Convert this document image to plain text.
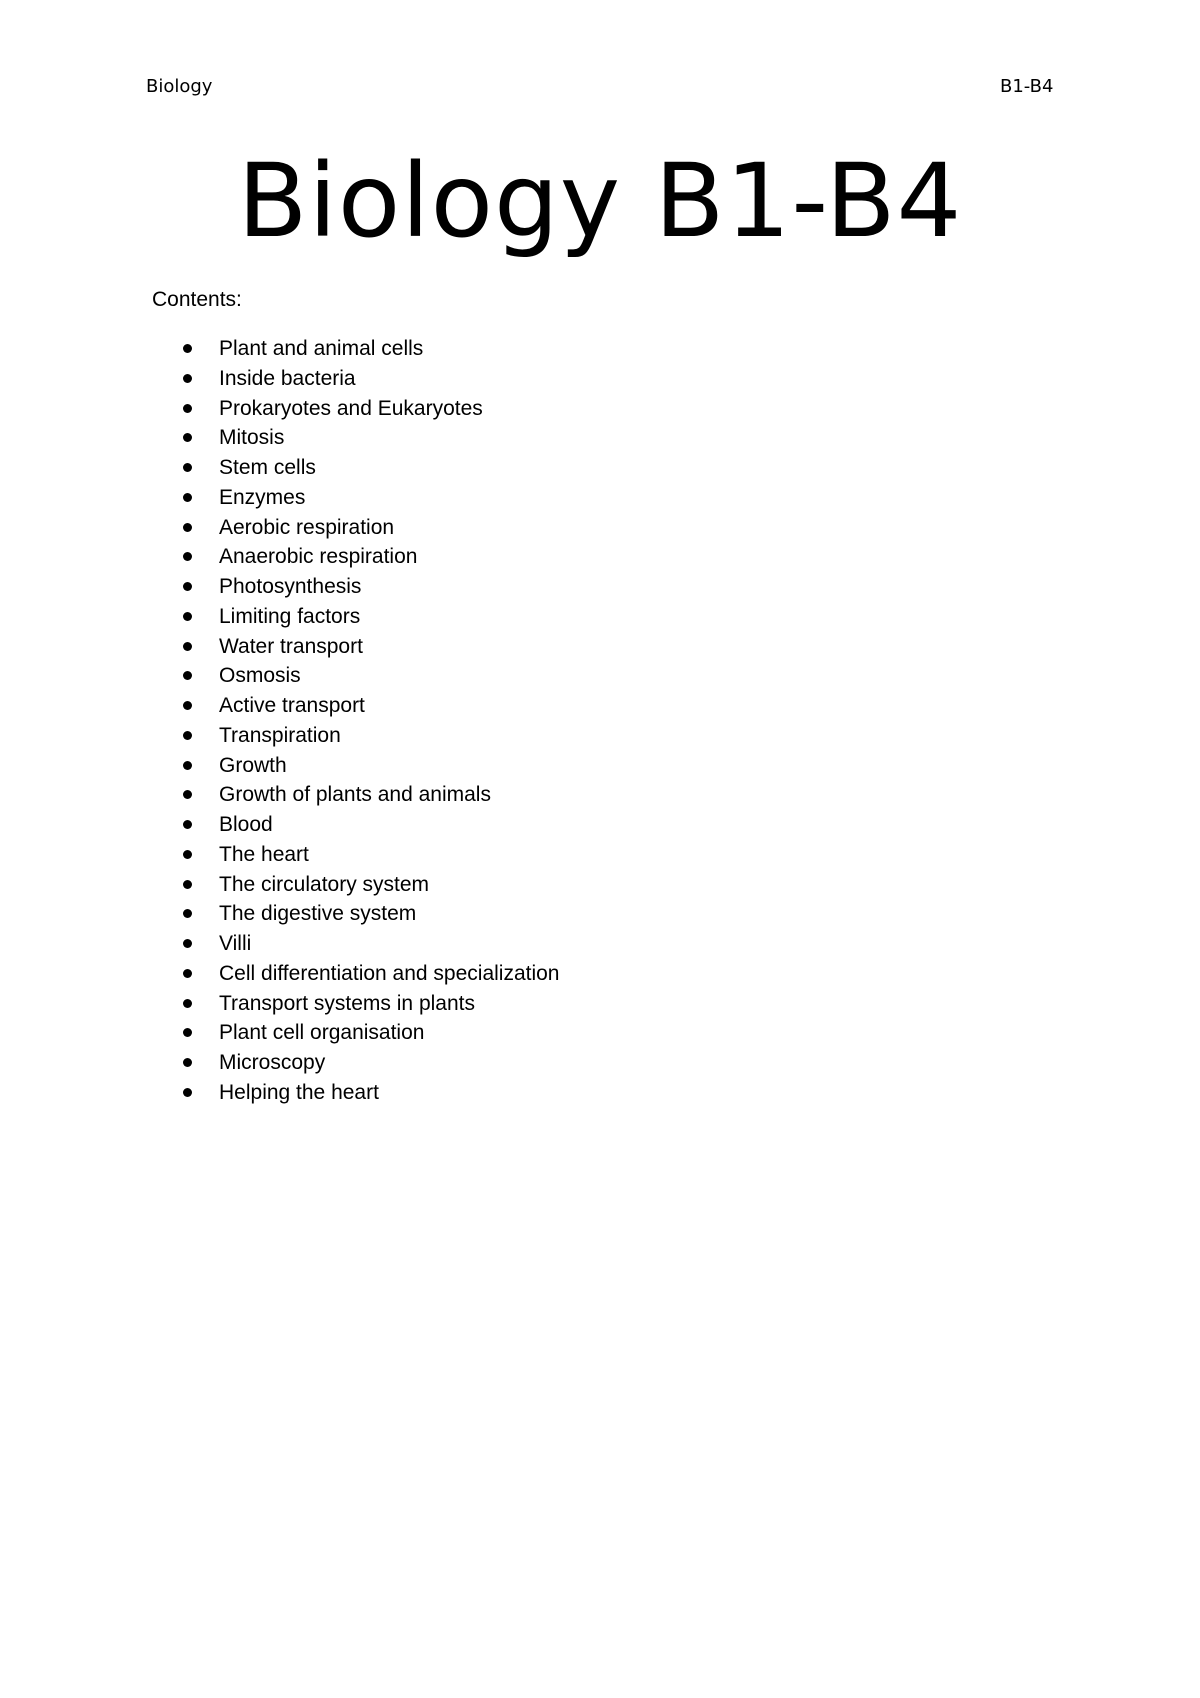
Biology	B1-B4
Biology B1-B4
Contents:
Plant and animal cells
Inside bacteria
Prokaryotes and Eukaryotes
Mitosis
Stem cells
Enzymes
Aerobic respiration
Anaerobic respiration
Photosynthesis
Limiting factors
Water transport
Osmosis
Active transport
Transpiration
Growth
Growth of plants and animals
Blood
The heart
The circulatory system
The digestive system
Villi
Cell differentiation and specialization
Transport systems in plants
Plant cell organisation
Microscopy
Helping the heart
